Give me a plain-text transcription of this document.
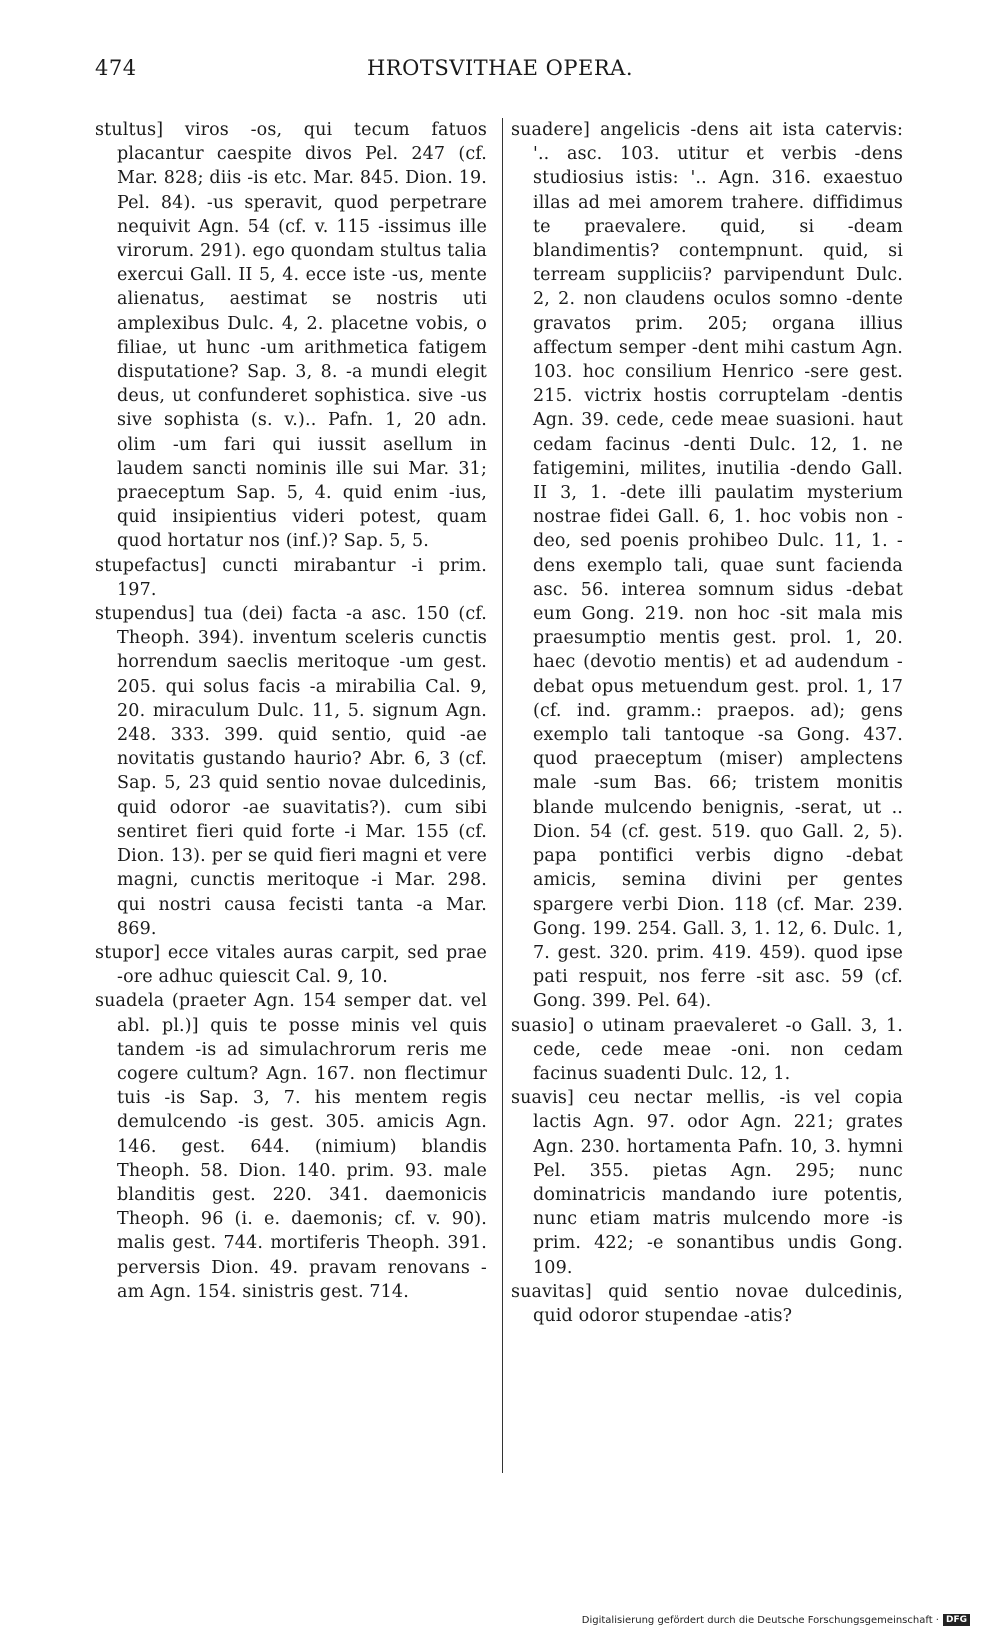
474	HROTSVITHAE OPERA.

stultus] viros -os, qui tecum fatuos placantur caespite divos Pel. 247 (cf. Mar. 828; diis -is etc. Mar. 845. Dion. 19. Pel. 84). -us speravit, quod perpetrare nequivit Agn. 54 (cf. v. 115 -issimus ille virorum. 291). ego quondam stultus talia exercui Gall. II 5, 4. ecce iste -us, mente alienatus, aestimat se nostris uti amplexibus Dulc. 4, 2. placetne vobis, o filiae, ut hunc -um arithmetica fatigem disputatione? Sap. 3, 8. -a mundi elegit deus, ut confunderet sophistica. sive -us sive sophista (s. v.).. Pafn. 1, 20 adn. olim -um fari qui iussit asellum in laudem sancti nominis ille sui Mar. 31; praeceptum Sap. 5, 4. quid enim -ius, quid insipientius videri potest, quam quod hortatur nos (inf.)? Sap. 5, 5.

stupefactus] cuncti mirabantur -i prim. 197.

stupendus] tua (dei) facta -a asc. 150 (cf. Theoph. 394). inventum sceleris cunctis horrendum saeclis meritoque -um gest. 205. qui solus facis -a mirabilia Cal. 9, 20. miraculum Dulc. 11, 5. signum Agn. 248. 333. 399. quid sentio, quid -ae novitatis gustando haurio? Abr. 6, 3 (cf. Sap. 5, 23 quid sentio novae dulcedinis, quid odoror -ae suavitatis?). cum sibi sentiret fieri quid forte -i Mar. 155 (cf. Dion. 13). per se quid fieri magni et vere magni, cunctis meritoque -i Mar. 298. qui nostri causa fecisti tanta -a Mar. 869.

stupor] ecce vitales auras carpit, sed prae -ore adhuc quiescit Cal. 9, 10.

suadela (praeter Agn. 154 semper dat. vel abl. pl.)] quis te posse minis vel quis tandem -is ad simulachrorum reris me cogere cultum? Agn. 167. non flectimur tuis -is Sap. 3, 7. his mentem regis demulcendo -is gest. 305. amicis Agn. 146. gest. 644. (nimium) blandis Theoph. 58. Dion. 140. prim. 93. male blanditis gest. 220. 341. daemonicis Theoph. 96 (i. e. daemonis; cf. v. 90). malis gest. 744. mortiferis Theoph. 391. perversis Dion. 49. pravam renovans -am Agn. 154. sinistris gest. 714.

suadere] angelicis -dens ait ista catervis: '.. asc. 103. utitur et verbis -dens studiosius istis: '.. Agn. 316. exaestuo illas ad mei amorem trahere. diffidimus te praevalere. quid, si -deam blandimentis? contempnunt. quid, si terream suppliciis? parvipendunt Dulc. 2, 2. non claudens oculos somno -dente gravatos prim. 205; organa illius affectum semper -dent mihi castum Agn. 103. hoc consilium Henrico -sere gest. 215. victrix hostis corruptelam -dentis Agn. 39. cede, cede meae suasioni. haut cedam facinus -denti Dulc. 12, 1. ne fatigemini, milites, inutilia -dendo Gall. II 3, 1. -dete illi paulatim mysterium nostrae fidei Gall. 6, 1. hoc vobis non -deo, sed poenis prohibeo Dulc. 11, 1. -dens exemplo tali, quae sunt facienda asc. 56. interea somnum sidus -debat eum Gong. 219. non hoc -sit mala mis praesumptio mentis gest. prol. 1, 20. haec (devotio mentis) et ad audendum -debat opus metuendum gest. prol. 1, 17 (cf. ind. gramm.: praepos. ad); gens exemplo tali tantoque -sa Gong. 437. quod praeceptum (miser) amplectens male -sum Bas. 66; tristem monitis blande mulcendo benignis, -serat, ut .. Dion. 54 (cf. gest. 519. quo Gall. 2, 5). papa pontifici verbis digno -debat amicis, semina divini per gentes spargere verbi Dion. 118 (cf. Mar. 239. Gong. 199. 254. Gall. 3, 1. 12, 6. Dulc. 1, 7. gest. 320. prim. 419. 459). quod ipse pati respuit, nos ferre -sit asc. 59 (cf. Gong. 399. Pel. 64).

suasio] o utinam praevaleret -o Gall. 3, 1. cede, cede meae -oni. non cedam facinus suadenti Dulc. 12, 1.

suavis] ceu nectar mellis, -is vel copia lactis Agn. 97. odor Agn. 221; grates Agn. 230. hortamenta Pafn. 10, 3. hymni Pel. 355. pietas Agn. 295; nunc dominatricis mandando iure potentis, nunc etiam matris mulcendo more -is prim. 422; -e sonantibus undis Gong. 109.

suavitas] quid sentio novae dulcedinis, quid odoror stupendae -atis?

Digitalisierung gefördert durch die Deutsche Forschungsgemeinschaft · DFG
